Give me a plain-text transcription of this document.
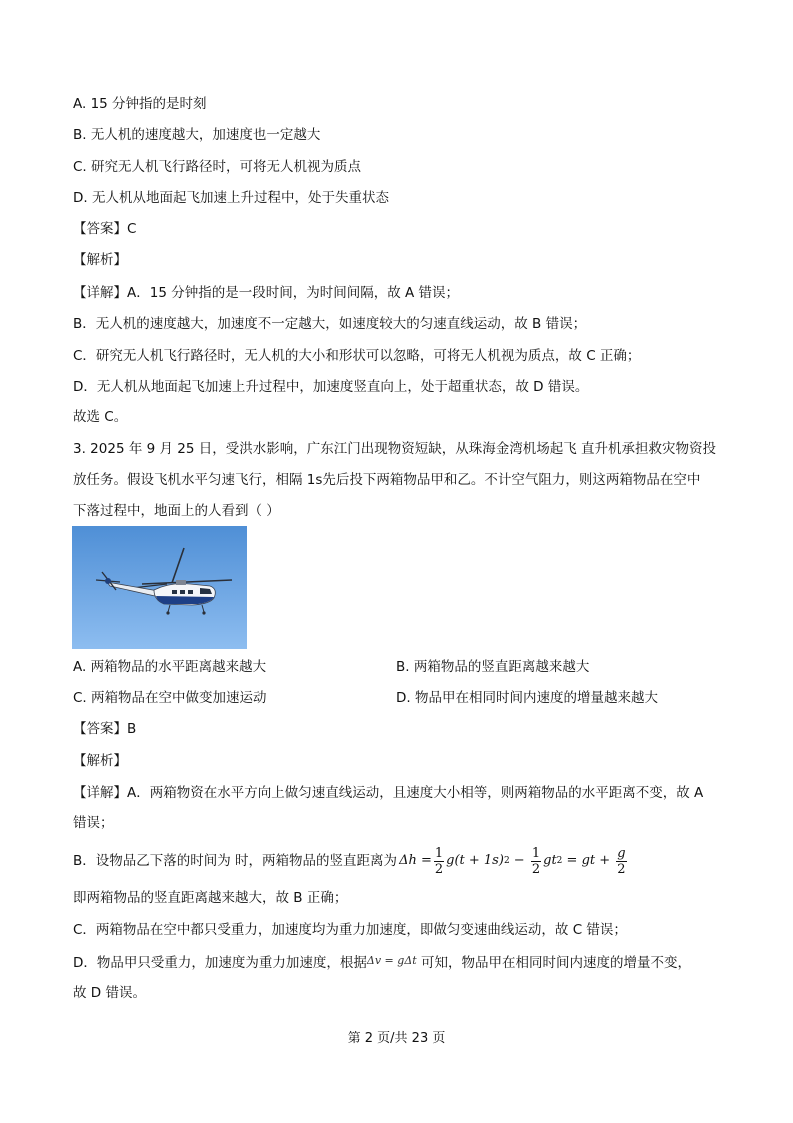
A. 15 分钟指的是时刻
B. 无人机的速度越大，加速度也一定越大
C. 研究无人机飞行路径时，可将无人机视为质点
D. 无人机从地面起飞加速上升过程中，处于失重状态
【答案】C
【解析】
【详解】A．15 分钟指的是一段时间，为时间间隔，故 A 错误；
B．无人机的速度越大，加速度不一定越大，如速度较大的匀速直线运动，故 B 错误；
C．研究无人机飞行路径时，无人机的大小和形状可以忽略，可将无人机视为质点，故 C 正确；
D．无人机从地面起飞加速上升过程中，加速度竖直向上，处于超重状态，故 D 错误。
故选 C。
3. 2025 年 9 月 25 日，受洪水影响，广东江门出现物资短缺，从珠海金湾机场起飞 直升机承担救灾物资投
放任务。假设飞机水平匀速飞行，相隔 1s先后投下两箱物品甲和乙。不计空气阻力，则这两箱物品在空中
下落过程中，地面上的人看到（ ）
A. 两箱物品的水平距离越来越大	B. 两箱物品的竖直距离越来越大
C. 两箱物品在空中做变加速运动	D. 物品甲在相同时间内速度的增量越来越大
【答案】B
【解析】
【详解】A．两箱物资在水平方向上做匀速直线运动，且速度大小相等，则两箱物品的水平距离不变，故 A
错误；
B．设物品乙下落的时间为 时，两箱物品的竖直距离为 $\Delta h = \frac{1}{2} g(t + 1s) 2 - \frac{1}{2}$ gt 2 = gt + $\frac{g}{2}$
即两箱物品的竖直距离越来越大，故 B 正确；
C．两箱物品在空中都只受重力，加速度均为重力加速度，即做匀变速曲线运动，故 C 错误；
D．物品甲只受重力，加速度为重力加速度，根据$^{\Delta v = g\Delta t}$ 可知，物品甲在相同时间内速度的增量不变，
故 D 错误。
第 2 页/共 23 页
